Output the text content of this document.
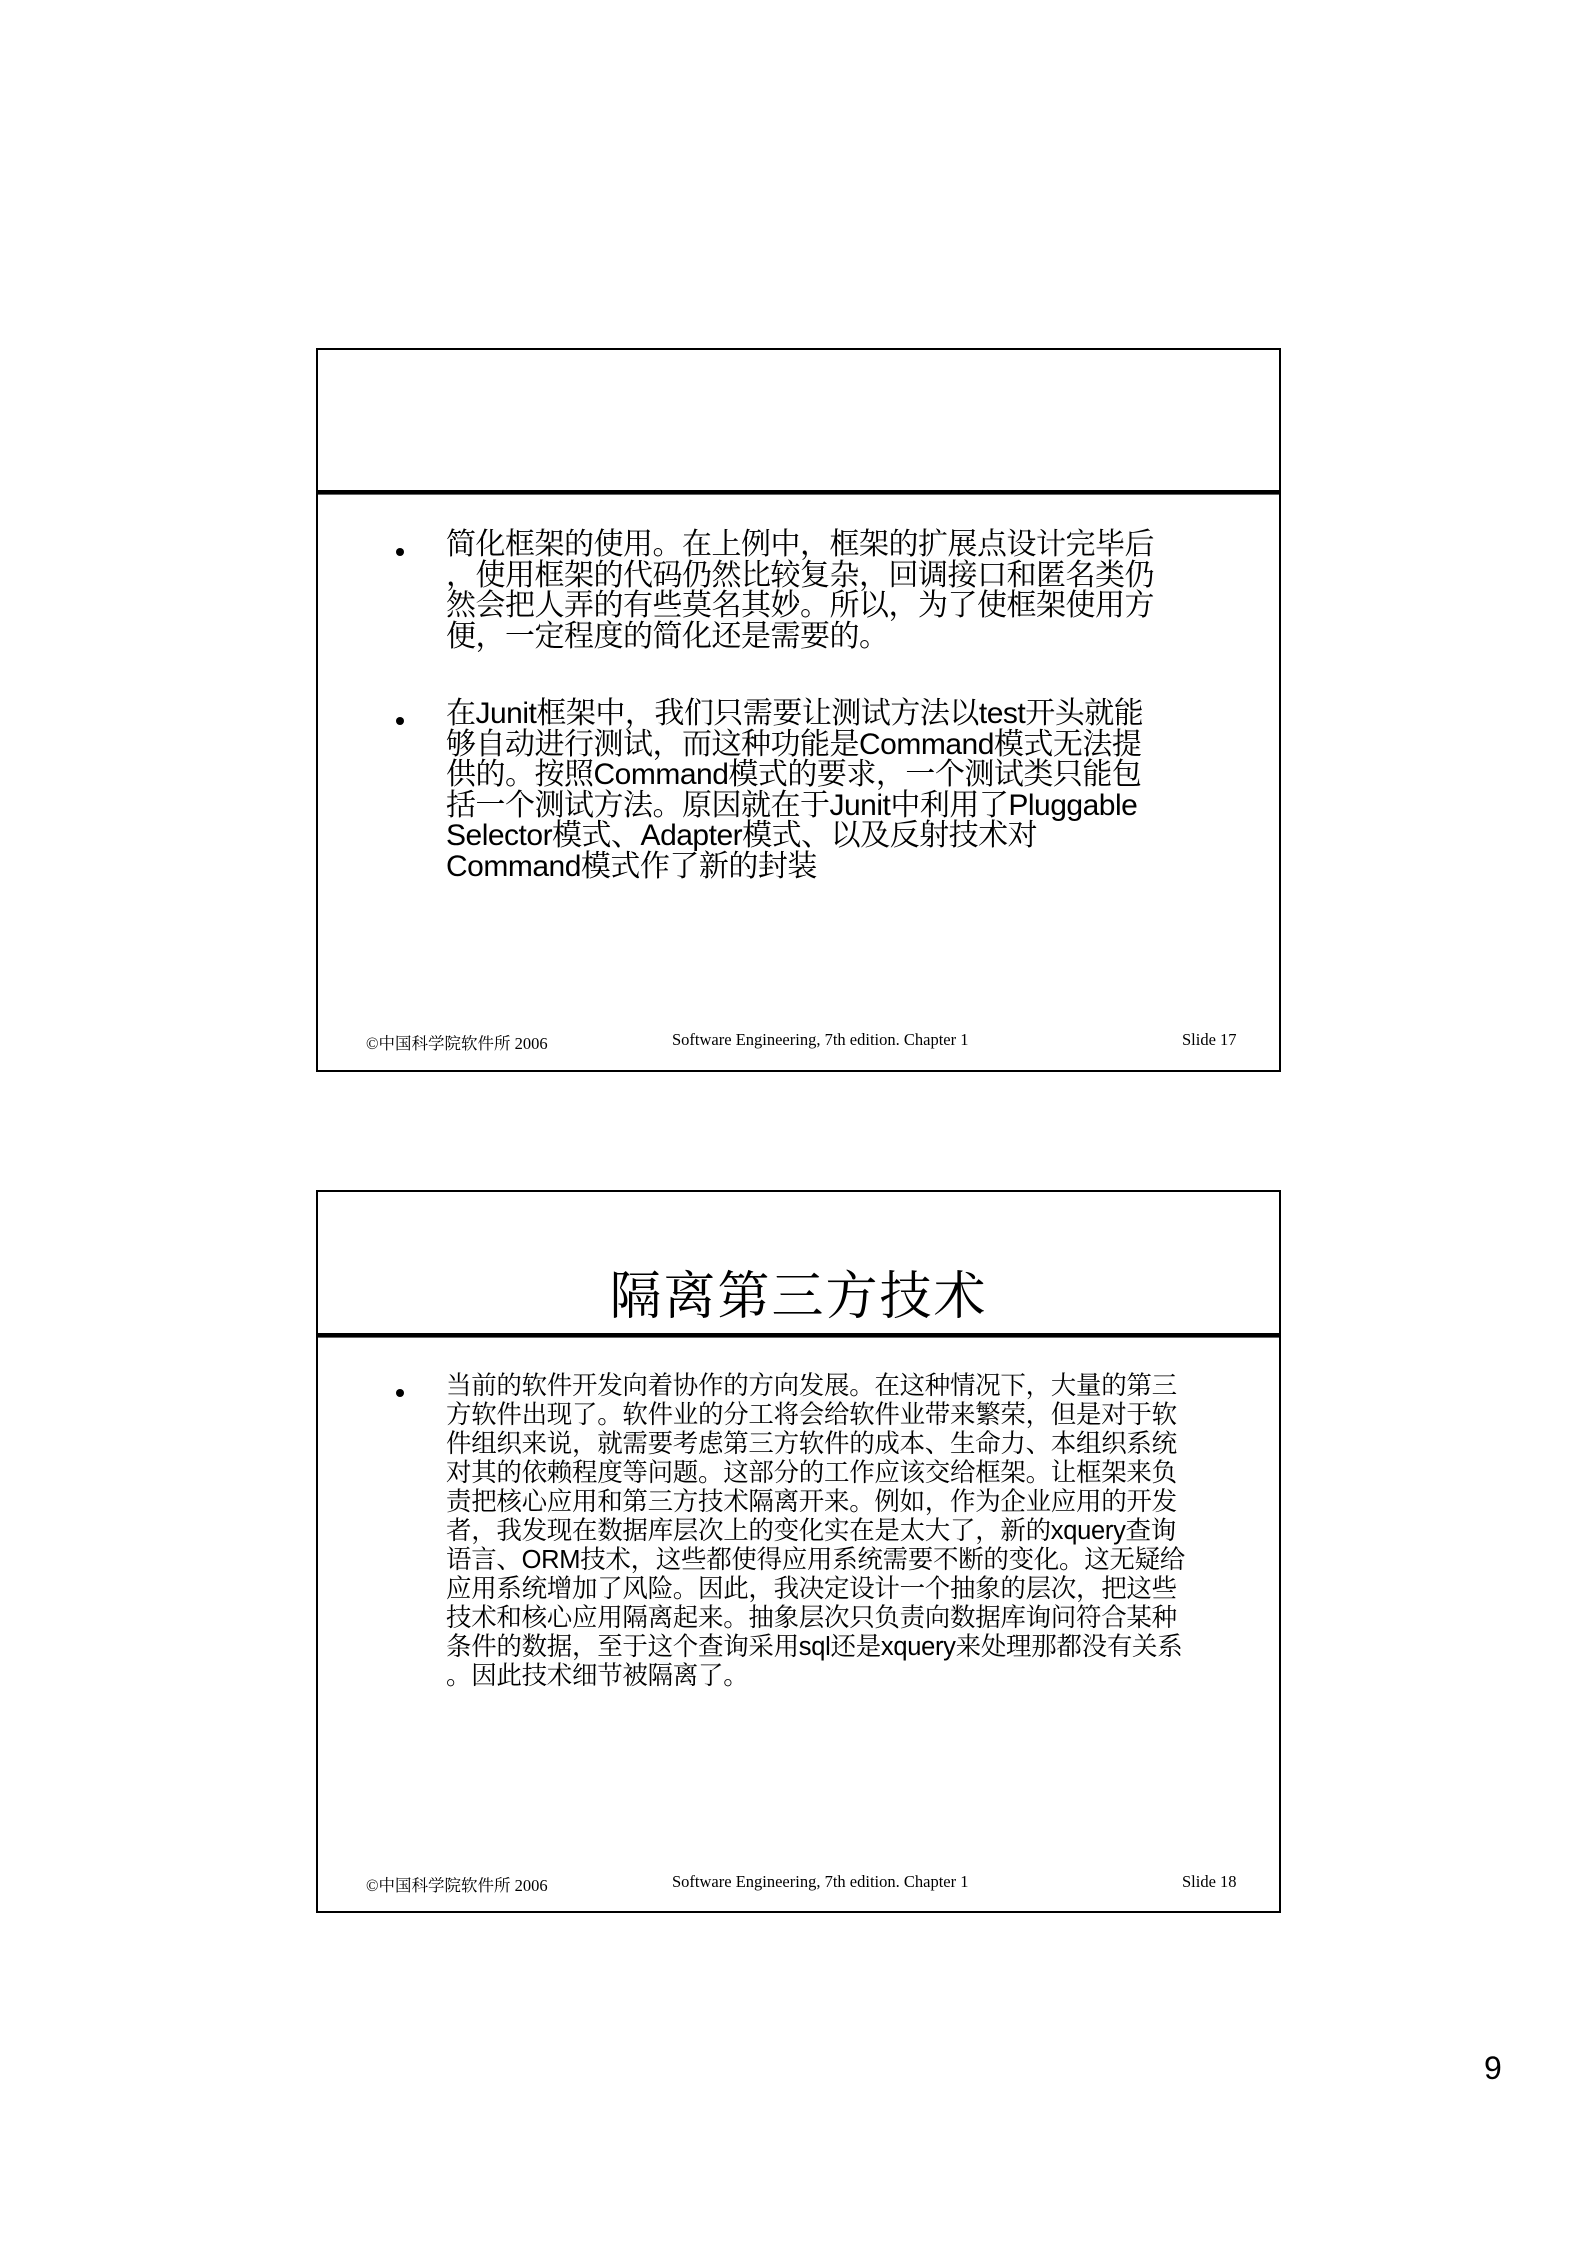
简化框架的使用。在上例中，框架的扩展点设计完毕后
，使用框架的代码仍然比较复杂，回调接口和匿名类仍
然会把人弄的有些莫名其妙。所以，为了使框架使用方
便，一定程度的简化还是需要的。
在Junit框架中，我们只需要让测试方法以test开头就能
够自动进行测试，而这种功能是Command模式无法提
供的。按照Command模式的要求，一个测试类只能包
括一个测试方法。原因就在于Junit中利用了Pluggable
Selector模式、Adapter模式、以及反射技术对
Command模式作了新的封装
©中国科学院软件所 2006	Software Engineering, 7th edition. Chapter 1	Slide 17
隔离第三方技术
当前的软件开发向着协作的方向发展。在这种情况下，大量的第三
方软件出现了。软件业的分工将会给软件业带来繁荣，但是对于软
件组织来说，就需要考虑第三方软件的成本、生命力、本组织系统
对其的依赖程度等问题。这部分的工作应该交给框架。让框架来负
责把核心应用和第三方技术隔离开来。例如，作为企业应用的开发
者，我发现在数据库层次上的变化实在是太大了，新的xquery查询
语言、ORM技术，这些都使得应用系统需要不断的变化。这无疑给
应用系统增加了风险。因此，我决定设计一个抽象的层次，把这些
技术和核心应用隔离起来。抽象层次只负责向数据库询问符合某种
条件的数据，至于这个查询采用sql还是xquery来处理那都没有关系
。因此技术细节被隔离了。
©中国科学院软件所 2006	Software Engineering, 7th edition. Chapter 1	Slide 18
9
